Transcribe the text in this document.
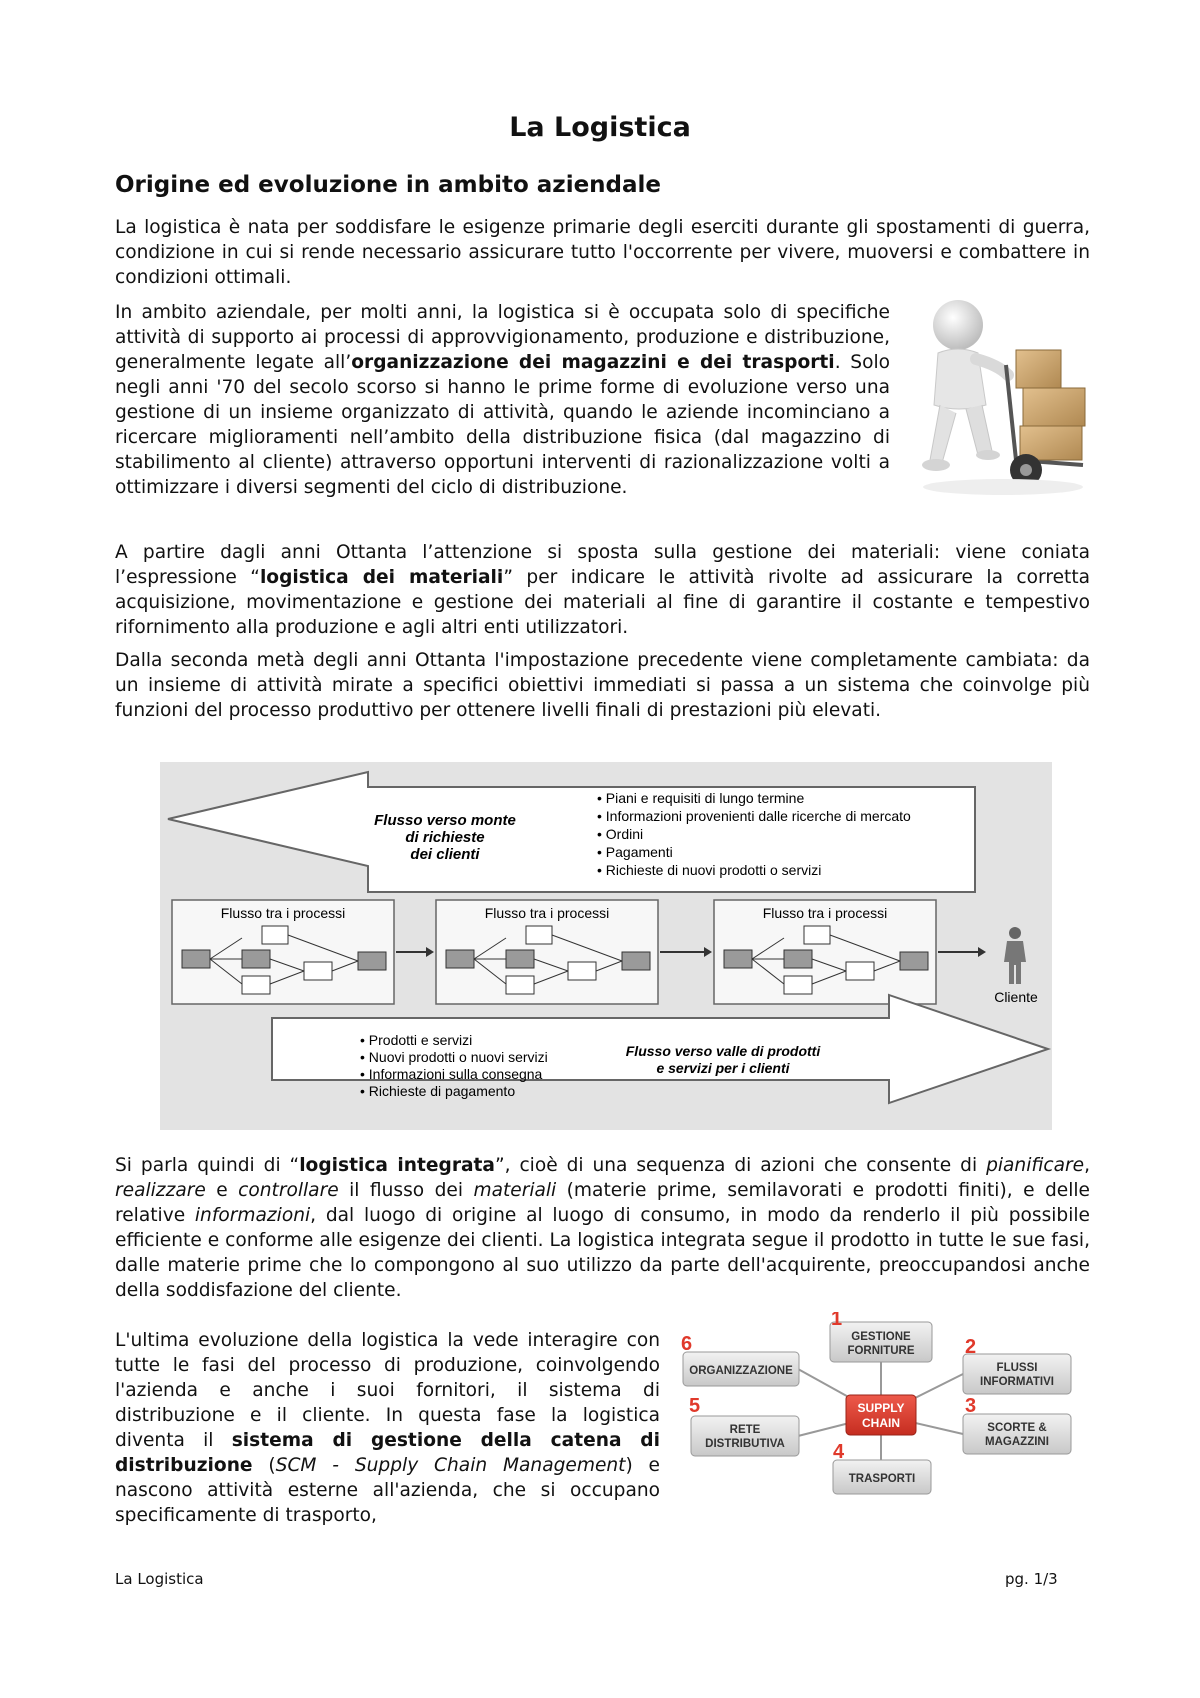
La Logistica
Origine ed evoluzione in ambito aziendale

La logistica è nata per soddisfare le esigenze primarie degli eserciti durante gli spostamenti di guerra, condizione in cui si rende necessario assicurare tutto l'occorrente per vivere, muoversi e combattere in condizioni ottimali.

In ambito aziendale, per molti anni, la logistica si è occupata solo di specifiche attività di supporto ai processi di approvvigionamento, produzione e distribuzione, generalmente legate all’organizzazione dei magazzini e dei trasporti. Solo negli anni '70 del secolo scorso si hanno le prime forme di evoluzione verso una gestione di un insieme organizzato di attività, quando le aziende incominciano a ricercare miglioramenti nell’ambito della distribuzione fisica (dal magazzino di stabilimento al cliente) attraverso opportuni interventi di razionalizzazione volti a ottimizzare i diversi segmenti del ciclo di distribuzione.

A partire dagli anni Ottanta l’attenzione si sposta sulla gestione dei materiali: viene coniata l’espressione “logistica dei materiali” per indicare le attività rivolte ad assicurare la corretta acquisizione, movimentazione e gestione dei materiali al fine di garantire il costante e tempestivo rifornimento alla produzione e agli altri enti utilizzatori.

Dalla seconda metà degli anni Ottanta l'impostazione precedente viene completamente cambiata: da un insieme di attività mirate a specifici obiettivi immediati si passa a un sistema che coinvolge più funzioni del processo produttivo per ottenere livelli finali di prestazioni più elevati.

Flusso verso monte
di richieste
dei clienti
• Piani e requisiti di lungo termine
• Informazioni provenienti dalle ricerche di mercato
• Ordini
• Pagamenti
• Richieste di nuovi prodotti o servizi
Flusso tra i processi	Flusso tra i processi	Flusso tra i processi
Cliente
• Prodotti e servizi
• Nuovi prodotti o nuovi servizi
• Informazioni sulla consegna
• Richieste di pagamento
Flusso verso valle di prodotti
e servizi per i clienti

Si parla quindi di “logistica integrata”, cioè di una sequenza di azioni che consente di pianificare, realizzare e controllare il flusso dei materiali (materie prime, semilavorati e prodotti finiti), e delle relative informazioni, dal luogo di origine al luogo di consumo, in modo da renderlo il più possibile efficiente e conforme alle esigenze dei clienti. La logistica integrata segue il prodotto in tutte le sue fasi, dalle materie prime che lo compongono al suo utilizzo da parte dell'acquirente, preoccupandosi anche della soddisfazione del cliente.

L'ultima evoluzione della logistica la vede interagire con tutte le fasi del processo di produzione, coinvolgendo l'azienda e anche i suoi fornitori, il sistema di distribuzione e il cliente. In questa fase la logistica diventa il sistema di gestione della catena di distribuzione (SCM - Supply Chain Management) e nascono attività esterne all'azienda, che si occupano specificamente di trasporto,

SUPPLY
CHAIN
1
GESTIONE
FORNITURE	2
FLUSSI
INFORMATIVI
3
SCORTE &
MAGAZZINI
4
TRASPORTI
5
RETE
DISTRIBUTIVA
6
ORGANIZZAZIONE
La Logistica	pg. 1/3
